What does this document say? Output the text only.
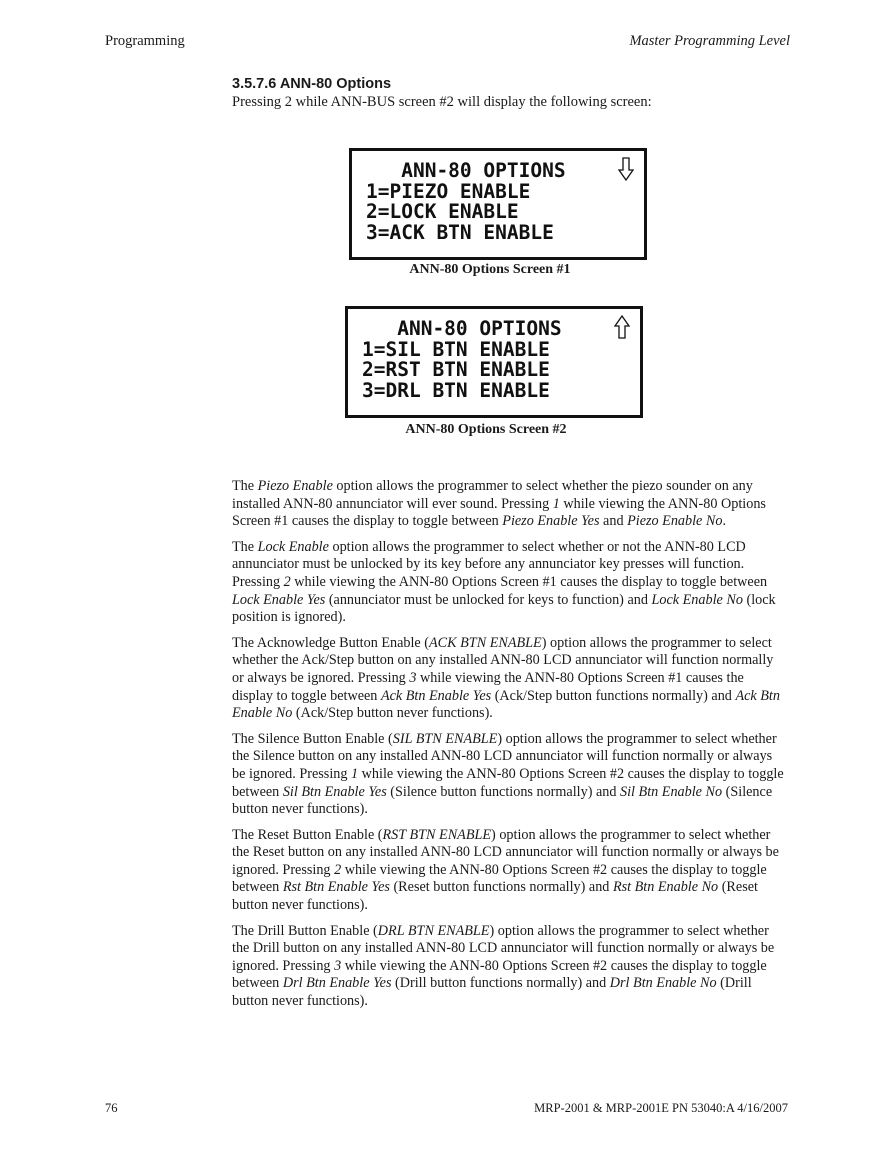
Programming	Master Programming Level
3.5.7.6 ANN-80 Options
Pressing 2 while ANN-BUS screen #2 will display the following screen:
ANN-80 OPTIONS
1=PIEZO ENABLE
2=LOCK ENABLE
3=ACK BTN ENABLE
ANN-80 Options Screen #1
ANN-80 OPTIONS
1=SIL BTN ENABLE
2=RST BTN ENABLE
3=DRL BTN ENABLE
ANN-80 Options Screen #2

The Piezo Enable option allows the programmer to select whether the piezo sounder on any installed ANN-80 annunciator will ever sound. Pressing 1 while viewing the ANN-80 Options Screen #1 causes the display to toggle between Piezo Enable Yes and Piezo Enable No.

The Lock Enable option allows the programmer to select whether or not the ANN-80 LCD annunciator must be unlocked by its key before any annunciator key presses will function. Pressing 2 while viewing the ANN-80 Options Screen #1 causes the display to toggle between Lock Enable Yes (annunciator must be unlocked for keys to function) and Lock Enable No (lock position is ignored).

The Acknowledge Button Enable (ACK BTN ENABLE) option allows the programmer to select whether the Ack/Step button on any installed ANN-80 LCD annunciator will function normally or always be ignored. Pressing 3 while viewing the ANN-80 Options Screen #1 causes the display to toggle between Ack Btn Enable Yes (Ack/Step button functions normally) and Ack Btn Enable No (Ack/Step button never functions).

The Silence Button Enable (SIL BTN ENABLE) option allows the programmer to select whether the Silence button on any installed ANN-80 LCD annunciator will function normally or always be ignored. Pressing 1 while viewing the ANN-80 Options Screen #2 causes the display to toggle between Sil Btn Enable Yes (Silence button functions normally) and Sil Btn Enable No (Silence button never functions).

The Reset Button Enable (RST BTN ENABLE) option allows the programmer to select whether the Reset button on any installed ANN-80 LCD annunciator will function normally or always be ignored. Pressing 2 while viewing the ANN-80 Options Screen #2 causes the display to toggle between Rst Btn Enable Yes (Reset button functions normally) and Rst Btn Enable No (Reset button never functions).

The Drill Button Enable (DRL BTN ENABLE) option allows the programmer to select whether the Drill button on any installed ANN-80 LCD annunciator will function normally or always be ignored. Pressing 3 while viewing the ANN-80 Options Screen #2 causes the display to toggle between Drl Btn Enable Yes (Drill button functions normally) and Drl Btn Enable No (Drill button never functions).

76	MRP-2001 & MRP-2001E PN 53040:A 4/16/2007
